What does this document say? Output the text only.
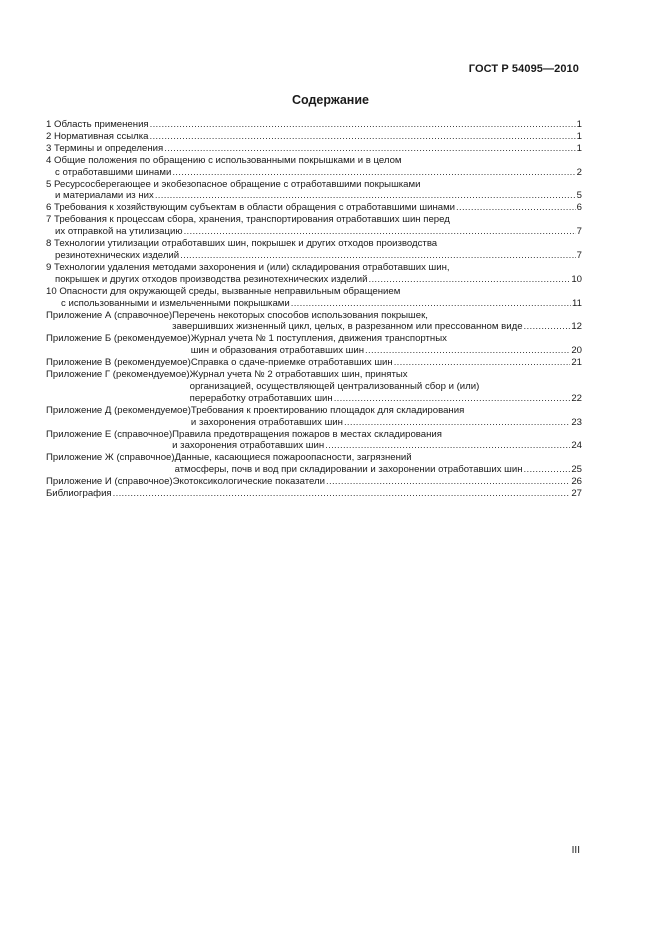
ГОСТ Р 54095—2010
Содержание
1 Область применения .....	1
2 Нормативная ссылка .....	1
3 Термины и определения .....	1
4 Общие положения по обращению с использованными покрышками и в целом
с отработавшими шинами .....	2
5 Ресурсосберегающее и экобезопасное обращение с отработавшими покрышками
и материалами из них .....	5
6 Требования к хозяйствующим субъектам в области обращения с отработавшими шинами .....	6
7 Требования к процессам сбора, хранения, транспортирования отработавших шин перед
их отправкой на утилизацию .....	7
8 Технологии утилизации отработавших шин, покрышек и других отходов производства
резинотехнических изделий .....	7
9 Технологии удаления методами захоронения и (или) складирования отработавших шин,
покрышек и других отходов производства резинотехнических изделий .....	10
10 Опасности для окружающей среды, вызванные неправильным обращением
с использованными и измельченными покрышками .....	11
Приложение А (справочное) Перечень некоторых способов использования покрышек,
завершивших жизненный цикл, целых, в разрезанном или прессованном виде .....	12
Приложение Б (рекомендуемое) Журнал учета № 1 поступления, движения транспортных
шин и образования отработавших шин .....	20
Приложение В (рекомендуемое) Справка о сдаче-приемке отработавших шин .....	21
Приложение Г (рекомендуемое) Журнал учета № 2 отработавших шин, принятых
организацией, осуществляющей централизованный сбор и (или)
переработку отработавших шин .....	22
Приложение Д (рекомендуемое) Требования к проектированию площадок для складирования
и захоронения отработавших шин .....	23
Приложение Е (справочное) Правила предотвращения пожаров в местах складирования
и захоронения отработавших шин .....	24
Приложение Ж (справочное) Данные, касающиеся пожароопасности, загрязнений
атмосферы, почв и вод при складировании и захоронении отработавших шин .....	25
Приложение И (справочное) Экотоксикологические показатели .....	26
Библиография .....	27
III
